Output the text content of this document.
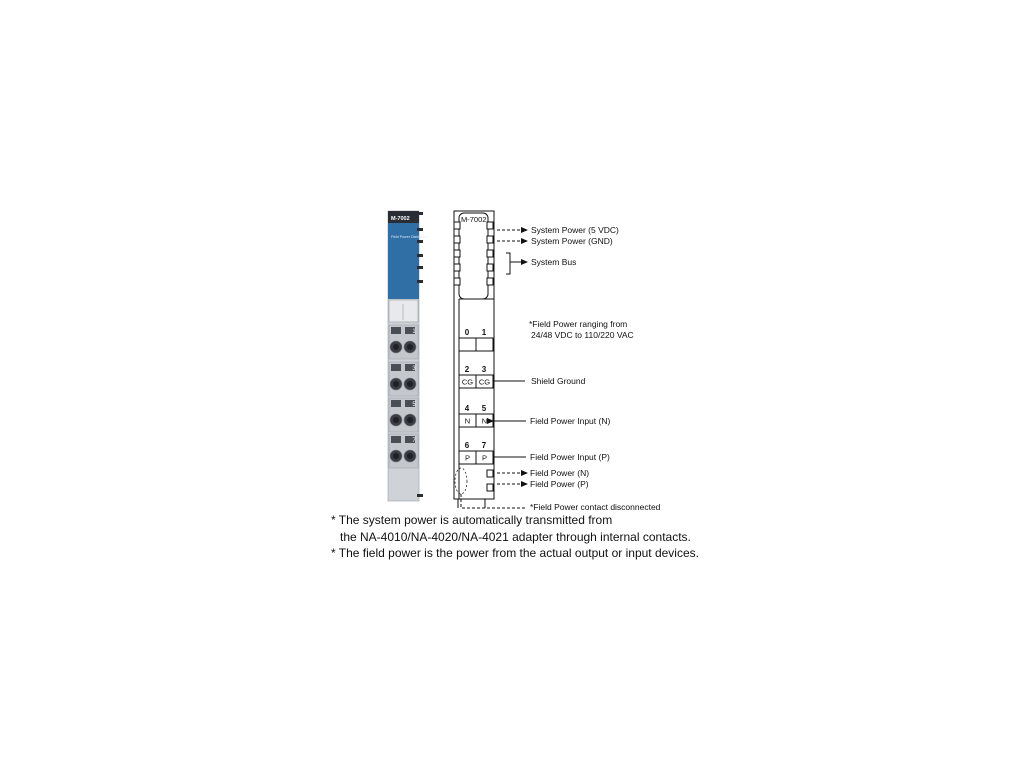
M-7002
Field Power Distributor
1
3
5
7
M-7002
0 1
2
CG
3
CG
4
N
5
N
6
P
7
P
System Power (5 VDC)
System Power (GND)
System Bus
*Field Power ranging from
24/48 VDC to 110/220 VAC
Shield Ground
Field Power Input (N)
Field Power Input (P)
Field Power (N)
Field Power (P)
*Field Power contact disconnected
* The system power is automatically transmitted from
the NA-4010/NA-4020/NA-4021 adapter through internal contacts.
* The field power is the power from the actual output or input devices.
